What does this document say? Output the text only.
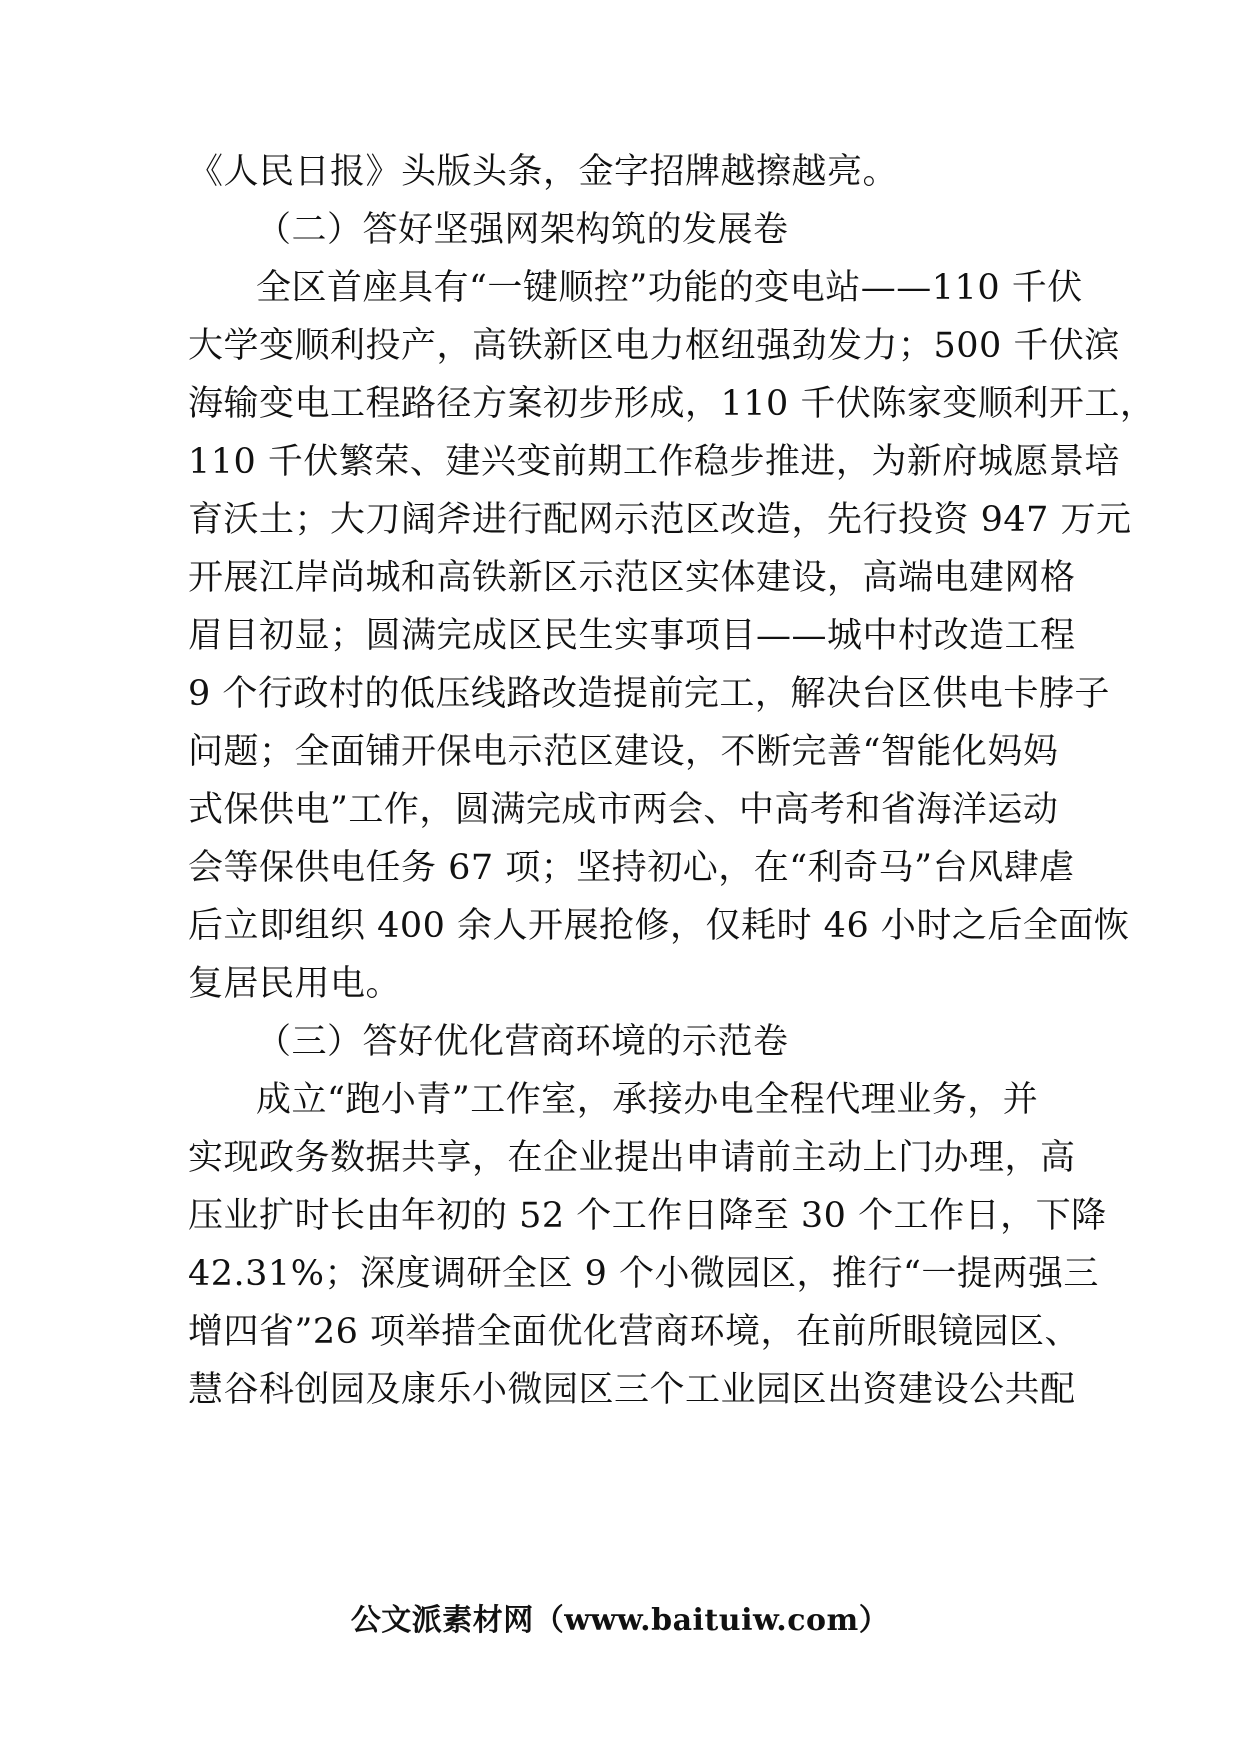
《人民日报》头版头条，金字招牌越擦越亮。
（二）答好坚强网架构筑的发展卷
全区首座具有“一键顺控”功能的变电站——110 千伏
大学变顺利投产，高铁新区电力枢纽强劲发力；500 千伏滨
海输变电工程路径方案初步形成，110 千伏陈家变顺利开工，
110 千伏繁荣、建兴变前期工作稳步推进，为新府城愿景培
育沃土；大刀阔斧进行配网示范区改造，先行投资 947 万元
开展江岸尚城和高铁新区示范区实体建设，高端电建网格
眉目初显；圆满完成区民生实事项目——城中村改造工程
9 个行政村的低压线路改造提前完工，解决台区供电卡脖子
问题；全面铺开保电示范区建设，不断完善“智能化妈妈
式保供电”工作，圆满完成市两会、中高考和省海洋运动
会等保供电任务 67 项；坚持初心，在“利奇马”台风肆虐
后立即组织 400 余人开展抢修，仅耗时 46 小时之后全面恢
复居民用电。
（三）答好优化营商环境的示范卷
成立“跑小青”工作室，承接办电全程代理业务，并
实现政务数据共享，在企业提出申请前主动上门办理，高
压业扩时长由年初的 52 个工作日降至 30 个工作日，下降
42.31%；深度调研全区 9 个小微园区，推行“一提两强三
增四省”26 项举措全面优化营商环境，在前所眼镜园区、
慧谷科创园及康乐小微园区三个工业园区出资建设公共配
公文派素材网（www.baituiw.com）
